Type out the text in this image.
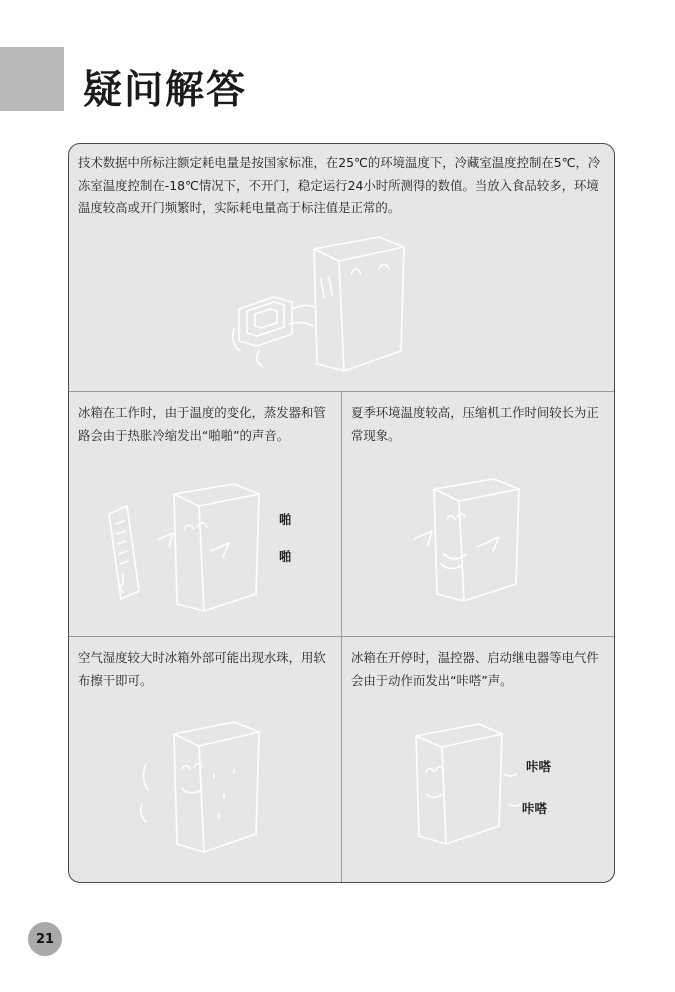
疑问解答

技术数据中所标注额定耗电量是按国家标准，在25℃的环境温度下，冷藏室温度控制在5℃，冷冻室温度控制在-18℃情况下，不开门，稳定运行24小时所测得的数值。当放入食品较多，环境温度较高或开门频繁时，实际耗电量高于标注值是正常的。

冰箱在工作时，由于温度的变化，蒸发器和管路会由于热胀冷缩发出“啪啪”的声音。

啪
啪

夏季环境温度较高，压缩机工作时间较长为正常现象。

空气湿度较大时冰箱外部可能出现水珠，用软布擦干即可。

冰箱在开停时，温控器、启动继电器等电气件会由于动作而发出“咔嗒”声。

咔嗒
咔嗒
21
